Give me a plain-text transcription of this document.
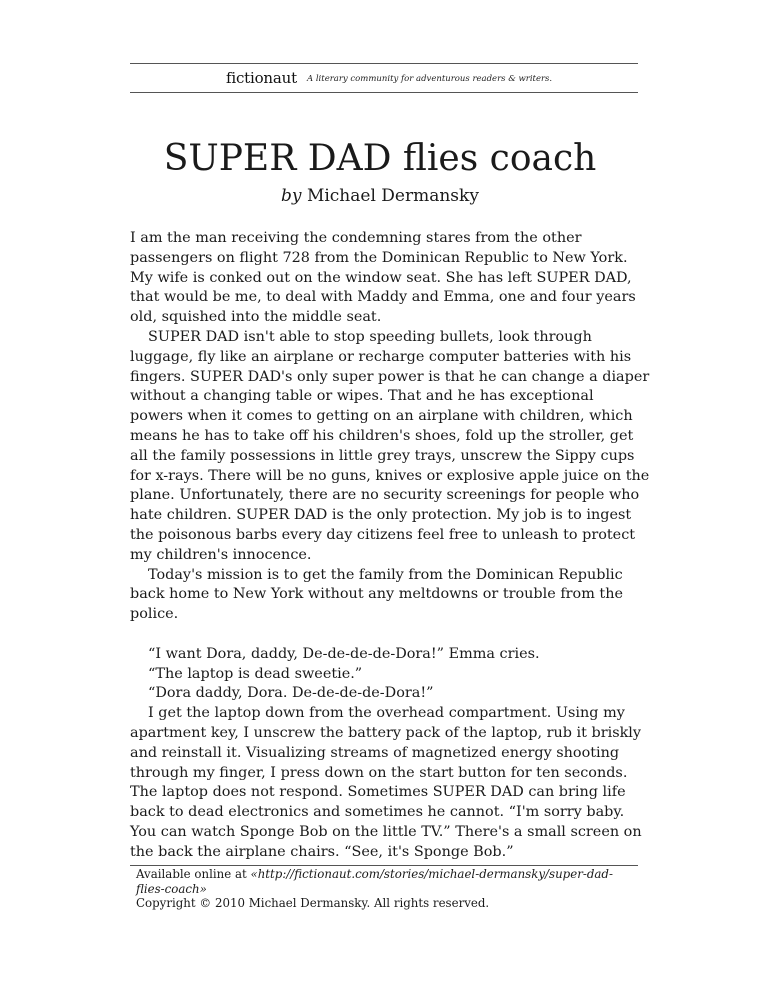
fictionaut A literary community for adventurous readers & writers.
SUPER DAD flies coach
by Michael Dermansky

I am the man receiving the condemning stares from the other passengers on flight 728 from the Dominican Republic to New York. My wife is conked out on the window seat. She has left SUPER DAD, that would be me, to deal with Maddy and Emma, one and four years old, squished into the middle seat.

SUPER DAD isn't able to stop speeding bullets, look through luggage, fly like an airplane or recharge computer batteries with his fingers. SUPER DAD's only super power is that he can change a diaper without a changing table or wipes. That and he has exceptional powers when it comes to getting on an airplane with children, which means he has to take off his children's shoes, fold up the stroller, get all the family possessions in little grey trays, unscrew the Sippy cups for x-rays. There will be no guns, knives or explosive apple juice on the plane. Unfortunately, there are no security screenings for people who hate children. SUPER DAD is the only protection. My job is to ingest the poisonous barbs every day citizens feel free to unleash to protect my children's innocence.

Today's mission is to get the family from the Dominican Republic back home to New York without any meltdowns or trouble from the police.

“I want Dora, daddy, De-de-de-de-Dora!” Emma cries.

“The laptop is dead sweetie.”

“Dora daddy, Dora. De-de-de-de-Dora!”

I get the laptop down from the overhead compartment. Using my apartment key, I unscrew the battery pack of the laptop, rub it briskly and reinstall it. Visualizing streams of magnetized energy shooting through my finger, I press down on the start button for ten seconds. The laptop does not respond. Sometimes SUPER DAD can bring life back to dead electronics and sometimes he cannot. “I'm sorry baby. You can watch Sponge Bob on the little TV.” There's a small screen on the back the airplane chairs. “See, it's Sponge Bob.”

Available online at «http://fictionaut.com/stories/michael-dermansky/super-dad-flies-coach»
Copyright © 2010 Michael Dermansky. All rights reserved.
